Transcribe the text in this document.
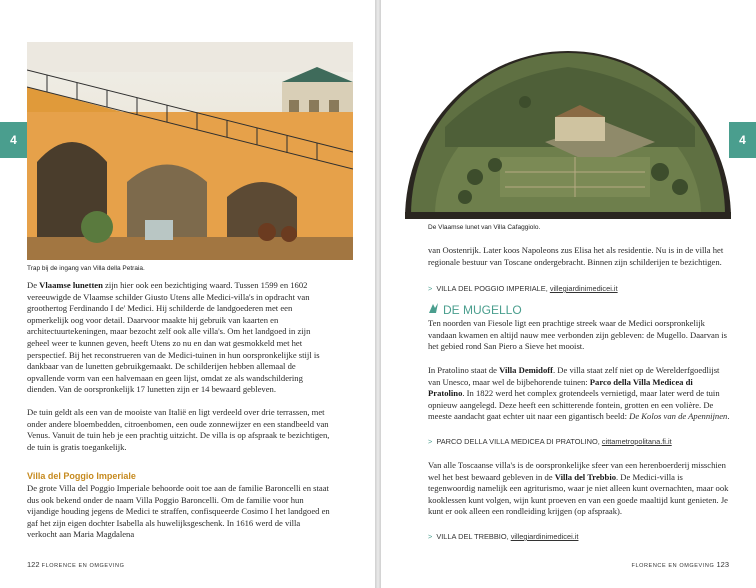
4	4
Trap bij de ingang van Villa della Petraia.
De Vlaamse lunet van Villa Cafaggiolo.

De Vlaamse lunetten zijn hier ook een bezichtiging waard. Tussen 1599 en 1602 vereeuwigde de Vlaamse schilder Giusto Utens alle Medici-villa's in opdracht van groothertog Ferdinando I de' Medici. Hij schilderde de landgoederen met een opmerkelijk oog voor detail. Daarvoor maakte hij gebruik van kaarten en architectuurtekeningen, maar bezocht zelf ook alle villa's. Om het landgoed in zijn geheel weer te kunnen geven, heeft Utens zo nu en dan wat gesmokkeld met het perspectief. Bij het reconstrueren van de Medici-tuinen in hun oorspronkelijke stijl is dankbaar van de lunetten gebruikgemaakt. De schilderijen hebben allemaal de opvallende vorm van een halvemaan en geen lijst, omdat ze als wandschildering dienden. Van de oorspronkelijk 17 lunetten zijn er 14 bewaard gebleven.

De tuin geldt als een van de mooiste van Italië en ligt verdeeld over drie terrassen, met onder andere bloembedden, citroenbomen, een oude zonnewijzer en een standbeeld van Venus. Vanuit de tuin heb je een prachtig uitzicht. De villa is op afspraak te bezichtigen, de tuin is gratis toegankelijk.

Villa del Poggio Imperiale

De grote Villa del Poggio Imperiale behoorde ooit toe aan de familie Baroncelli en staat dus ook bekend onder de naam Villa Poggio Baroncelli. Om de familie voor hun vijandige houding jegens de Medici te straffen, confisqueerde Cosimo I het landgoed en gaf het zijn eigen dochter Isabella als huwelijksgeschenk. In 1616 werd de villa verkocht aan Maria Magdalena

van Oostenrijk. Later koos Napoleons zus Elisa het als residentie. Nu is in de villa het regionale bestuur van Toscane ondergebracht. Binnen zijn schilderijen te bezichtigen.

> VILLA DEL POGGIO IMPERIALE, villegiardinimedicei.it
DE MUGELLO

Ten noorden van Fiesole ligt een prachtige streek waar de Medici oorspronkelijk vandaan kwamen en altijd nauw mee verbonden zijn gebleven: de Mugello. Daarvan is het gebied rond San Piero a Sieve het mooist.

In Pratolino staat de Villa Demidoff. De villa staat zelf niet op de Werelderfgoedlijst van Unesco, maar wel de bijbehorende tuinen: Parco della Villa Medicea di Pratolino. In 1822 werd het complex grotendeels vernietigd, maar later werd de tuin opnieuw aangelegd. Deze heeft een schitterende fontein, grotten en een volière. De meeste aandacht gaat echter uit naar een gigantisch beeld: De Kolos van de Apennijnen.

> PARCO DELLA VILLA MEDICEA DI PRATOLINO, cittametropolitana.fi.it

Van alle Toscaanse villa's is de oorspronkelijke sfeer van een herenboerderij misschien wel het best bewaard gebleven in de Villa del Trebbio. De Medici-villa is tegenwoordig namelijk een agriturismo, waar je niet alleen kunt overnachten, maar ook kooklessen kunt volgen, wijn kunt proeven en van een goede maaltijd kunt genieten. Je kunt er ook alleen een rondleiding krijgen (op afspraak).

> VILLA DEL TREBBIO, villegiardinimedicei.it
122 FLORENCE EN OMGEVING	FLORENCE EN OMGEVING 123
